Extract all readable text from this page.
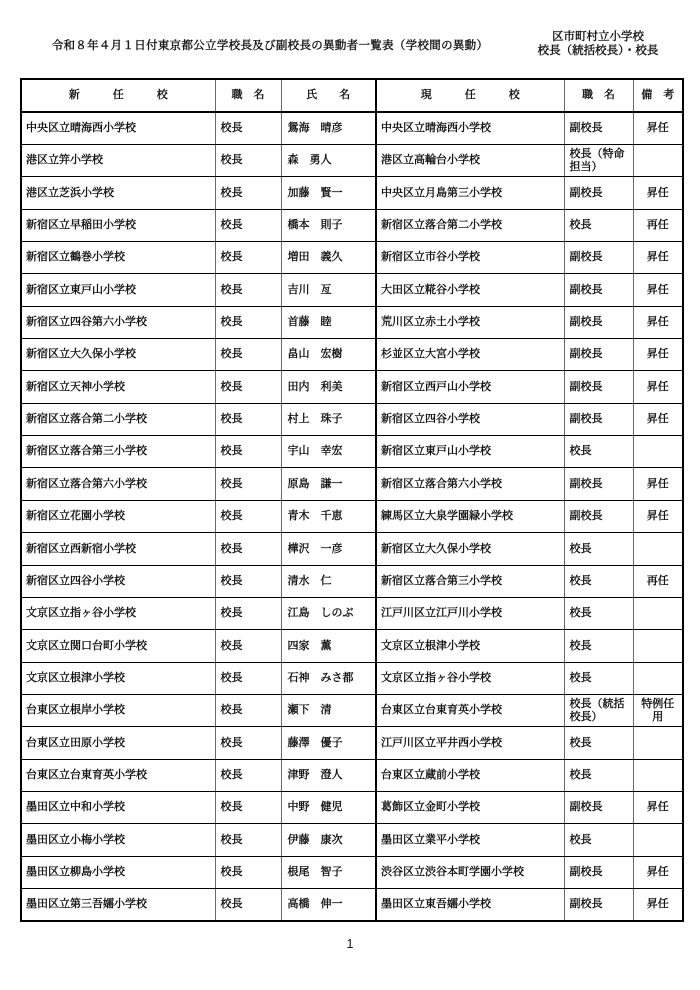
令和８年４月１日付東京都公立学校長及び副校長の異動者一覧表（学校間の異動）
区市町村立小学校
校長（統括校長）・校長
新　　　任　　　校	職　名	氏　　名	現　　　任　　　校	職　名	備　考
中央区立晴海西小学校	校長	鴛海　晴彦	中央区立晴海西小学校	副校長	昇任
港区立笄小学校	校長	森　勇人	港区立高輪台小学校	校長（特命担当）	
港区立芝浜小学校	校長	加藤　賢一	中央区立月島第三小学校	副校長	昇任
新宿区立早稲田小学校	校長	橋本　則子	新宿区立落合第二小学校	校長	再任
新宿区立鶴巻小学校	校長	増田　義久	新宿区立市谷小学校	副校長	昇任
新宿区立東戸山小学校	校長	吉川　亙	大田区立糀谷小学校	副校長	昇任
新宿区立四谷第六小学校	校長	首藤　睦	荒川区立赤土小学校	副校長	昇任
新宿区立大久保小学校	校長	畠山　宏樹	杉並区立大宮小学校	副校長	昇任
新宿区立天神小学校	校長	田内　利美	新宿区立西戸山小学校	副校長	昇任
新宿区立落合第二小学校	校長	村上　珠子	新宿区立四谷小学校	副校長	昇任
新宿区立落合第三小学校	校長	宇山　幸宏	新宿区立東戸山小学校	校長	
新宿区立落合第六小学校	校長	原島　謙一	新宿区立落合第六小学校	副校長	昇任
新宿区立花園小学校	校長	青木　千恵	練馬区立大泉学園緑小学校	副校長	昇任
新宿区立西新宿小学校	校長	樺沢　一彦	新宿区立大久保小学校	校長	
新宿区立四谷小学校	校長	清水　仁	新宿区立落合第三小学校	校長	再任
文京区立指ヶ谷小学校	校長	江島　しのぶ	江戸川区立江戸川小学校	校長	
文京区立関口台町小学校	校長	四家　薫	文京区立根津小学校	校長	
文京区立根津小学校	校長	石神　みさ都	文京区立指ヶ谷小学校	校長	
台東区立根岸小学校	校長	瀬下　清	台東区立台東育英小学校	校長（統括校長）	特例任用
台東区立田原小学校	校長	藤澤　優子	江戸川区立平井西小学校	校長	
台東区立台東育英小学校	校長	津野　澄人	台東区立蔵前小学校	校長	
墨田区立中和小学校	校長	中野　健児	葛飾区立金町小学校	副校長	昇任
墨田区立小梅小学校	校長	伊藤　康次	墨田区立業平小学校	校長	
墨田区立柳島小学校	校長	根尾　智子	渋谷区立渋谷本町学園小学校	副校長	昇任
墨田区立第三吾嬬小学校	校長	高橋　伸一	墨田区立東吾嬬小学校	副校長	昇任
1
